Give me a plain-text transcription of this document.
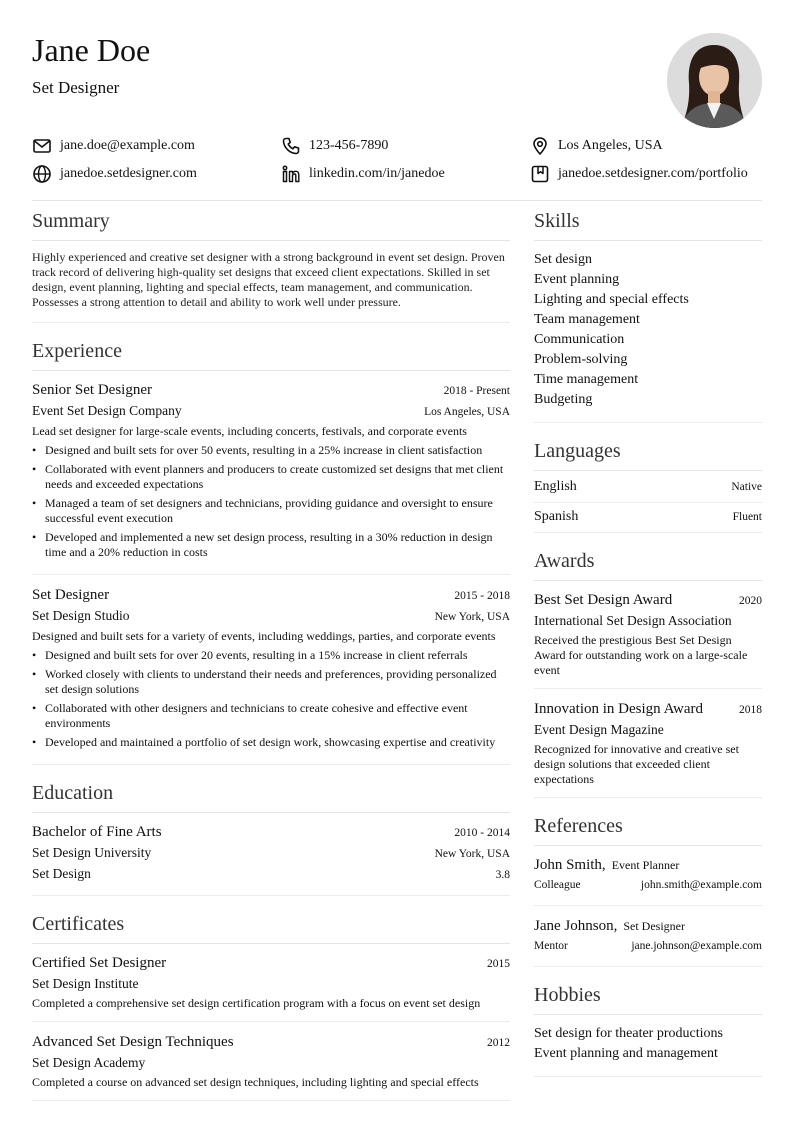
Jane Doe
Set Designer
jane.doe@example.com	123-456-7890	Los Angeles, USA
janedoe.setdesigner.com	linkedin.com/in/janedoe	janedoe.setdesigner.com/portfolio
Summary
Highly experienced and creative set designer with a strong background in event set design. Proven track record of delivering high-quality set designs that exceed client expectations. Skilled in set design, event planning, lighting and special effects, team management, and communication. Possesses a strong attention to detail and ability to work well under pressure.
Experience
Senior Set Designer	2018 - Present
Event Set Design Company	Los Angeles, USA
Lead set designer for large-scale events, including concerts, festivals, and corporate events
• Designed and built sets for over 50 events, resulting in a 25% increase in client satisfaction
• Collaborated with event planners and producers to create customized set designs that met client needs and exceeded expectations
• Managed a team of set designers and technicians, providing guidance and oversight to ensure successful event execution
• Developed and implemented a new set design process, resulting in a 30% reduction in design time and a 20% reduction in costs
Set Designer	2015 - 2018
Set Design Studio	New York, USA
Designed and built sets for a variety of events, including weddings, parties, and corporate events
• Designed and built sets for over 20 events, resulting in a 15% increase in client referrals
• Worked closely with clients to understand their needs and preferences, providing personalized set design solutions
• Collaborated with other designers and technicians to create cohesive and effective event environments
• Developed and maintained a portfolio of set design work, showcasing expertise and creativity
Education
Bachelor of Fine Arts	2010 - 2014
Set Design University	New York, USA
Set Design	3.8
Certificates
Certified Set Designer	2015
Set Design Institute
Completed a comprehensive set design certification program with a focus on event set design
Advanced Set Design Techniques	2012
Set Design Academy
Completed a course on advanced set design techniques, including lighting and special effects
Skills
Set design
Event planning
Lighting and special effects
Team management
Communication
Problem-solving
Time management
Budgeting
Languages
English	Native
Spanish	Fluent
Awards
Best Set Design Award	2020
International Set Design Association
Received the prestigious Best Set Design Award for outstanding work on a large-scale event
Innovation in Design Award	2018
Event Design Magazine
Recognized for innovative and creative set design solutions that exceeded client expectations
References
John Smith, Event Planner
Colleague	john.smith@example.com
Jane Johnson, Set Designer
Mentor	jane.johnson@example.com
Hobbies
Set design for theater productions
Event planning and management
